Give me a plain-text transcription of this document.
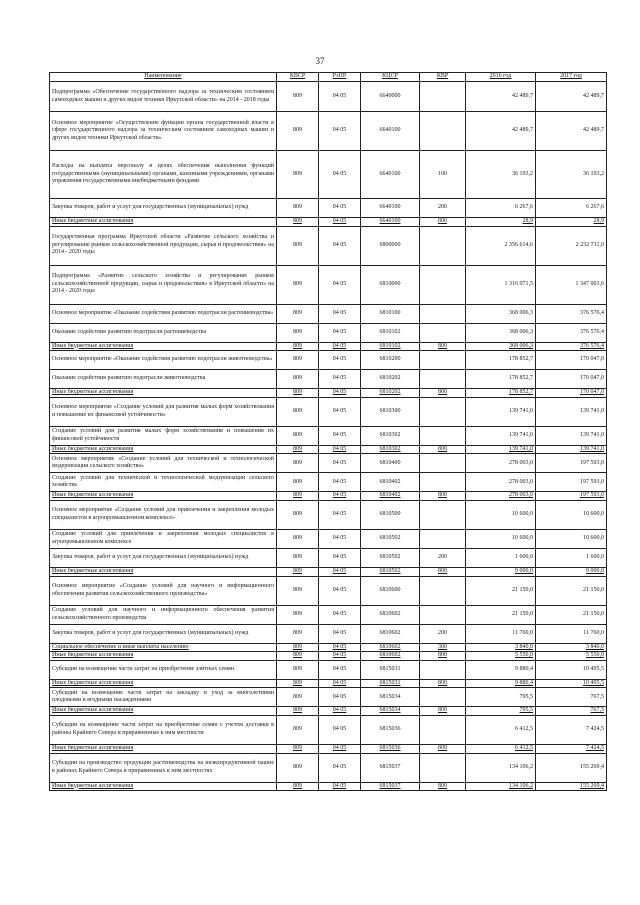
37
Наименование	КВСР	РзПР	КЦСР	КВР	2016 год	2017 год
Подпрограмма «Обеспечение государственного надзора за техническим состоянием самоходных машин и других видов техники Иркутской области» на 2014 - 2018 годы	809	04 05	6640000		42 489,7	42 489,7
Основное мероприятие «Осуществление функции органа государственной власти в сфере государственного надзора за техническим состоянием самоходных машин и других видов техники Иркутской области»	809	04 05	6640100		42 489,7	42 489,7
Расходы на выплаты персоналу в целях обеспечения выполнения функций государственными (муниципальными) органами, казенными учреждениями, органами управления государственными внебюджетными фондами	809	04 05	6640100	100	36 193,2	36 193,2
Закупка товаров, работ и услуг для государственных (муниципальных) нужд	809	04 05	6640100	200	6 267,6	6 267,6
Иные бюджетные ассигнования	809	04 05	6640100	800	28,9	28,9
Государственная программа Иркутской области «Развитие сельского хозяйства и регулирование рынков сельскохозяйственной продукции, сырья и продовольствия» на 2014 - 2020 годы	809	04 05	6800000		2 356 614,6	2 232 711,0
Подпрограмма «Развитие сельского хозяйства и регулирование рынков сельскохозяйственной продукции, сырья и продовольствия» в Иркутской области» на 2014 - 2020 годы	809	04 05	6810000		1 316 971,5	1 347 003,6
Основное мероприятие «Оказание содействия развитию подотрасли растениеводства»	809	04 05	6810100		368 006,3	376 576,4
Оказание содействия развитию подотрасли растениеводства	809	04 05	6810102		368 006,3	376 576,4
Иные бюджетные ассигнования	809	04 05	6810102	800	368 006,3	376 576,4
Основное мероприятие «Оказание содействия развитию подотрасли животноводства»	809	04 05	6810200		178 852,7	170 047,0
Оказание содействия развитию подотрасли животноводства	809	04 05	6810202		178 852,7	170 047,0
Иные бюджетные ассигнования	809	04 05	6810202	800	178 852,7	170 047,0
Основное мероприятие «Создание условий для развития малых форм хозяйствования и повышение их финансовой устойчивости»	809	04 05	6810300		139 741,0	139 741,0
Создание условий для развития малых форм хозяйствования и повышения их финансовой устойчивости	809	04 05	6810302		139 741,0	139 741,0
Иные бюджетные ассигнования	809	04 05	6810302	800	139 741,0	139 741,0
Основное мероприятие «Создание условий для технической и технологической модернизации сельского хозяйства»	809	04 05	6810400		278 003,0	197 593,0
Создание условий для технической и технологической модернизации сельского хозяйства	809	04 05	6810402		278 003,0	197 593,0
Иные бюджетные ассигнования	809	04 05	6810402	800	278 003,0	197 593,0
Основное мероприятие «Создание условий для привлечения и закрепления молодых специалистов в агропромышленном комплексе»	809	04 05	6810500		10 600,0	10 600,0
Создание условий для привлечения и закрепления молодых специалистов в агропромышленном комплексе	809	04 05	6810502		10 600,0	10 600,0
Закупка товаров, работ и услуг для государственных (муниципальных) нужд	809	04 05	6810502	200	1 600,0	1 600,0
Иные бюджетные ассигнования	809	04 05	6810502	800	9 000,0	9 000,0
Основное мероприятие «Создание условий для научного и информационного обеспечения развития сельскохозяйственного производства»	809	04 05	6810600		21 150,0	21 150,0
Создание условий для научного и информационного обеспечения развития сельскохозяйственного производства	809	04 05	6810602		21 150,0	21 150,0
Закупка товаров, работ и услуг для государственных (муниципальных) нужд	809	04 05	6810602	200	11 760,0	11 760,0
Социальное обеспечение и иные выплаты населению	809	04 05	6810602	300	3 840,0	3 840,0
Иные бюджетные ассигнования	809	04 05	6810602	800	5 550,0	5 550,0
Субсидии на возмещение части затрат на приобретение элитных семян	809	04 05	6815031		9 880,4	10 495,5
Иные бюджетные ассигнования	809	04 05	6815031	800	9 880,4	10 495,5
Субсидии на возмещение части затрат на закладку и уход за многолетними плодовыми и ягодными насаждениями	809	04 05	6815034		795,5	767,5
Иные бюджетные ассигнования	809	04 05	6815034	800	795,5	767,5
Субсидии на возмещение части затрат на приобретение семян с учетом доставки в районы Крайнего Севера и приравненные к ним местности	809	04 05	6815036		6 412,5	7 424,5
Иные бюджетные ассигнования	809	04 05	6815036	800	6 412,5	7 424,5
Субсидии на производство продукции растениеводства на низкопродуктивной пашне в районах Крайнего Севера и приравненных к ним местностях	809	04 05	6815037		134 106,2	155 269,4
Иные бюджетные ассигнования	809	04 05	6815037	800	134 106,2	155 269,4
